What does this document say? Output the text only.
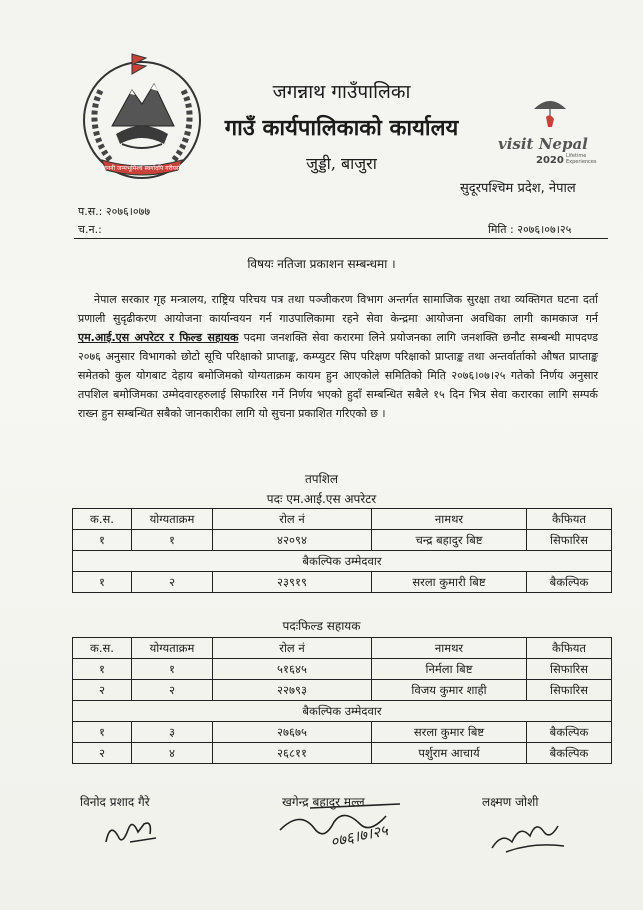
जननी जन्मभूमिश्च स्वर्गादपि गरीयसी
जगन्नाथ गाउँपालिका
गाउँ कार्यपालिकाको कार्यालय
जुड्डी, बाजुरा
visit Nepal
2020 Lifetime Experiences
सुदूरपश्चिम प्रदेश, नेपाल
प.स.: २०७६।०७७
च.न.:	मिति : २०७६।०७।२५
विषयः नतिजा प्रकाशन सम्बन्धमा ।

नेपाल सरकार गृह मन्त्रालय, राष्ट्रिय परिचय पत्र तथा पञ्जीकरण विभाग अन्तर्गत सामाजिक सुरक्षा तथा व्यक्तिगत घटना दर्ता प्रणाली सुदृढीकरण आयोजना कार्यान्वयन गर्न गाउपालिकामा रहने सेवा केन्द्रमा आयोजना अवधिका लागी कामकाज गर्न एम.आई.एस अपरेटर र फिल्ड सहायक पदमा जनशक्ति सेवा करारमा लिने प्रयोजनका लागि जनशक्ति छनौट सम्बन्धी मापदण्ड २०७६ अनुसार विभागको छोटो सूचि परिक्षाको प्राप्ताङ्क, कम्प्युटर सिप परिक्षण परिक्षाको प्राप्ताङ्क तथा अन्तर्वार्ताको औषत प्राप्ताङ्क समेतको कुल योगबाट देहाय बमोजिमको योग्यताक्रम कायम हुन आएकोले समितिको मिति २०७६।०७।२५ गतेको निर्णय अनुसार तपशिल बमोजिमका उम्मेदवारहरुलाई सिफारिस गर्ने निर्णय भएको हुदाँ सम्बन्धित सबैले १५ दिन भित्र सेवा करारका लागि सम्पर्क राख्न हुन सम्बन्धित सबैको जानकारीका लागि यो सुचना प्रकाशित गरिएको छ ।

तपशिल
पदः एम.आई.एस अपरेटर
क.स.	योग्यताक्रम	रोल नं	नामथर	कैफियत
१	१	४२०९४	चन्द्र बहादुर बिष्ट	सिफारिस
बैकल्पिक उम्मेदवार				
१	२	२३९१९	सरला कुमारी बिष्ट	बैकल्पिक
पदःफिल्ड सहायक
क.स.	योग्यताक्रम	रोल नं	नामथर	कैफियत
१	१	५१६४५	निर्मला बिष्ट	सिफारिस
२	२	२२७९३	विजय कुमार शाही	सिफारिस
बैकल्पिक उम्मेदवार				
१	३	२७६७५	सरला कुमार बिष्ट	बैकल्पिक
२	४	२६८११	पर्शुराम आचार्य	बैकल्पिक
विनोद प्रशाद गैरे	खगेन्द्र बहादुर मल्ल	लक्ष्मण जोशी
०७६।७।२५
